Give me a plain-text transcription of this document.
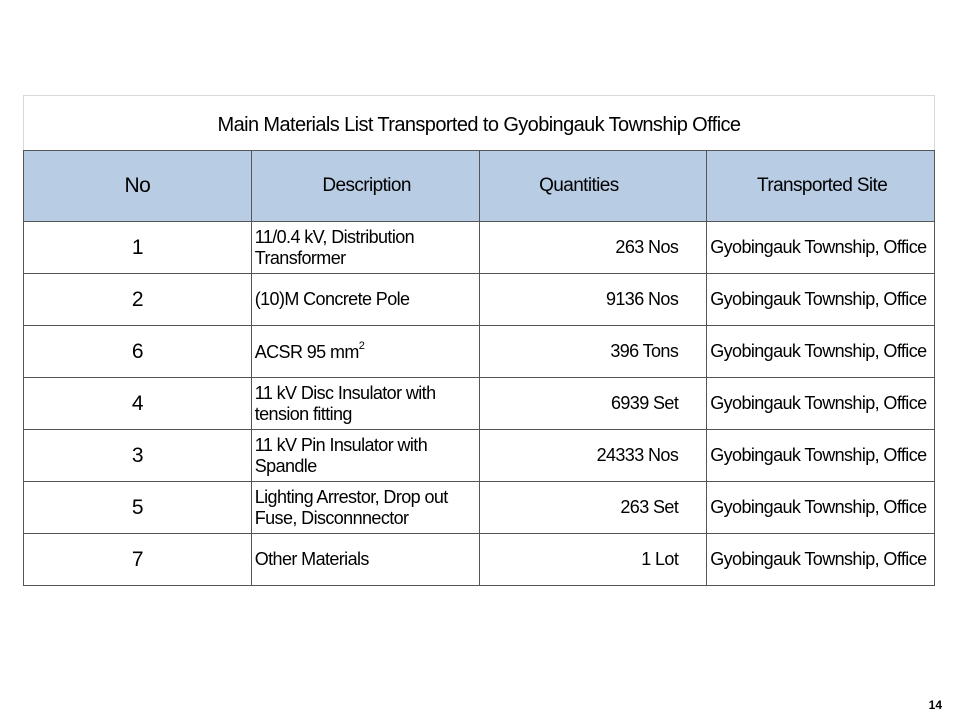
Main Materials List Transported to Gyobingauk Township Office			
No	Description	Quantities	Transported Site
1	11/0.4 kV, Distribution Transformer	263 Nos	Gyobingauk Township, Office
2	(10)M Concrete Pole	9136 Nos	Gyobingauk Township, Office
6	ACSR 95 $mm^2$	396 Tons	Gyobingauk Township, Office
4	11 kV Disc Insulator with tension fitting	6939 Set	Gyobingauk Township, Office
3	11 kV Pin Insulator with Spandle	24333 Nos	Gyobingauk Township, Office
5	Lighting Arrestor, Drop out Fuse, Disconnnector	263 Set	Gyobingauk Township, Office
7	Other Materials	1 Lot	Gyobingauk Township, Office
14
